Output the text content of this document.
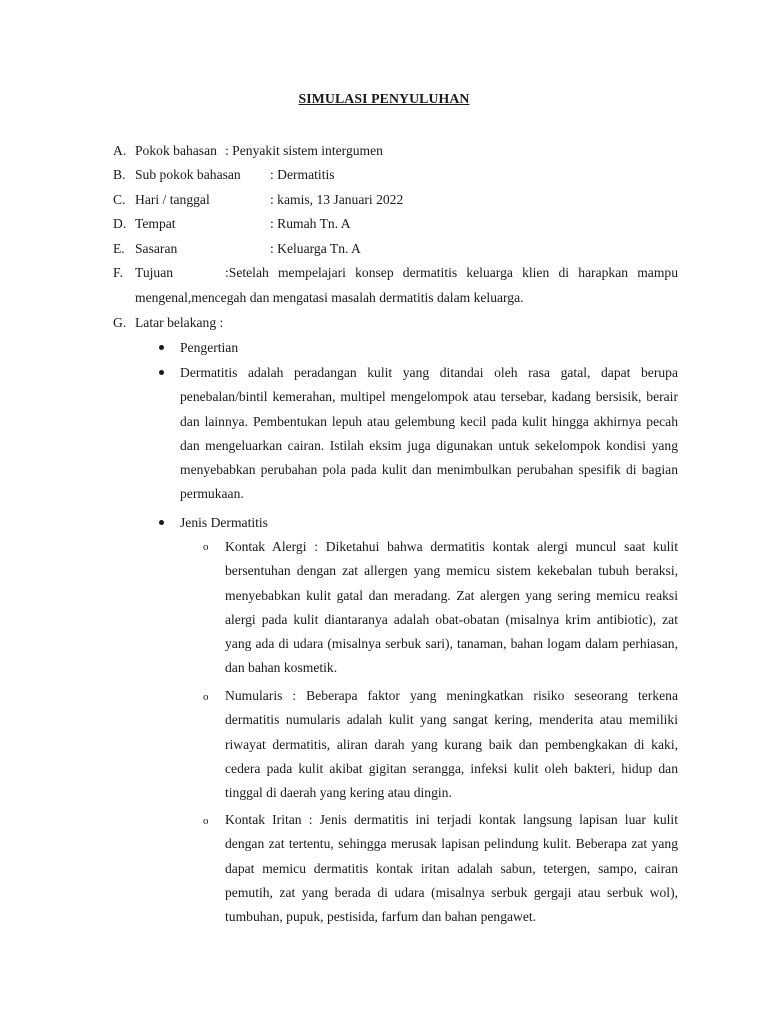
SIMULASI PENYULUHAN
A. Pokok bahasan : Penyakit sistem intergumen
B. Sub pokok bahasan : Dermatitis
C. Hari / tanggal	: kamis, 13 Januari 2022
D. Tempat	: Rumah Tn. A
E. Sasaran	: Keluarga Tn. A
F. Tujuan	:Setelah mempelajari konsep dermatitis keluarga klien di harapkan mampu
mengenal,mencegah dan mengatasi masalah dermatitis dalam keluarga.
G. Latar belakang :
Pengertian
Dermatitis adalah peradangan kulit yang ditandai oleh rasa gatal, dapat berupa penebalan/bintil kemerahan, multipel mengelompok atau tersebar, kadang bersisik, berair dan lainnya. Pembentukan lepuh atau gelembung kecil pada kulit hingga akhirnya pecah dan mengeluarkan cairan. Istilah eksim juga digunakan untuk sekelompok kondisi yang menyebabkan perubahan pola pada kulit dan menimbulkan perubahan spesifik di bagian permukaan.
Jenis Dermatitis
o Kontak Alergi : Diketahui bahwa dermatitis kontak alergi muncul saat kulit bersentuhan dengan zat allergen yang memicu sistem kekebalan tubuh beraksi, menyebabkan kulit gatal dan meradang. Zat alergen yang sering memicu reaksi alergi pada kulit diantaranya adalah obat-obatan (misalnya krim antibiotic), zat yang ada di udara (misalnya serbuk sari), tanaman, bahan logam dalam perhiasan, dan bahan kosmetik.
o Numularis : Beberapa faktor yang meningkatkan risiko seseorang terkena dermatitis numularis adalah kulit yang sangat kering, menderita atau memiliki riwayat dermatitis, aliran darah yang kurang baik dan pembengkakan di kaki, cedera pada kulit akibat gigitan serangga, infeksi kulit oleh bakteri, hidup dan tinggal di daerah yang kering atau dingin.
o Kontak Iritan : Jenis dermatitis ini terjadi kontak langsung lapisan luar kulit dengan zat tertentu, sehingga merusak lapisan pelindung kulit. Beberapa zat yang dapat memicu dermatitis kontak iritan adalah sabun, tetergen, sampo, cairan pemutih, zat yang berada di udara (misalnya serbuk gergaji atau serbuk wol), tumbuhan, pupuk, pestisida, farfum dan bahan pengawet.
